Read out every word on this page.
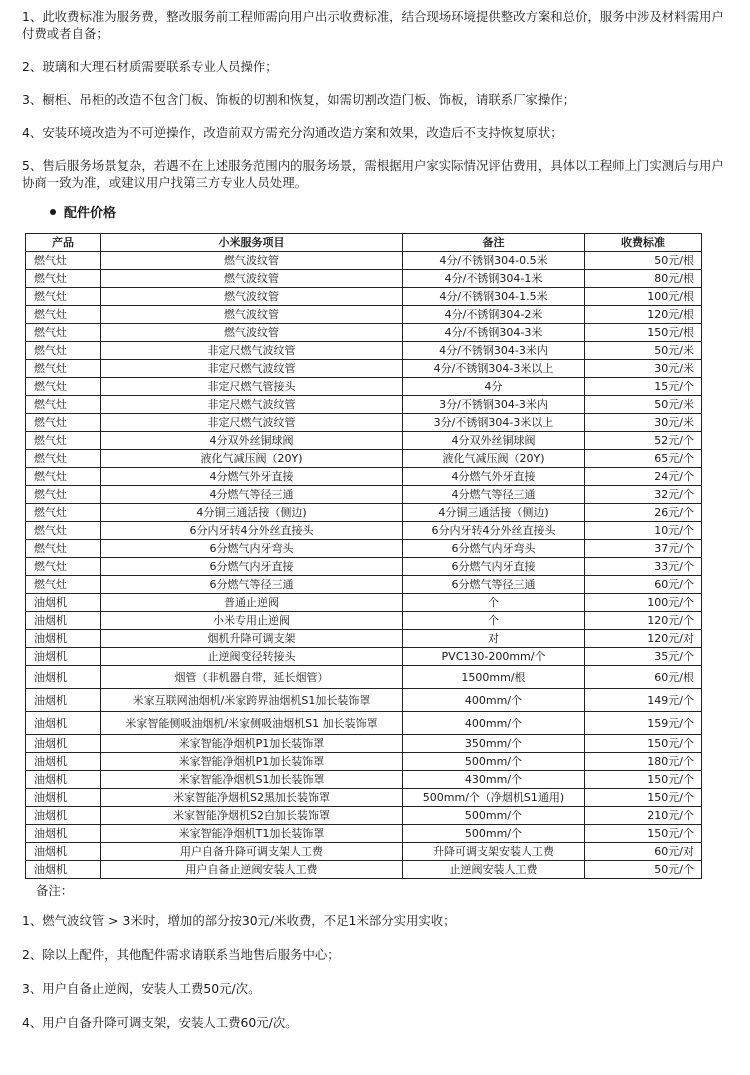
1、此收费标准为服务费，整改服务前工程师需向用户出示收费标准，结合现场环境提供整改方案和总价，服务中涉及材料需用户付费或者自备；

2、玻璃和大理石材质需要联系专业人员操作；

3、橱柜、吊柜的改造不包含门板、饰板的切割和恢复，如需切割改造门板、饰板，请联系厂家操作；

4、安装环境改造为不可逆操作，改造前双方需充分沟通改造方案和效果，改造后不支持恢复原状；

5、售后服务场景复杂，若遇不在上述服务范围内的服务场景，需根据用户家实际情况评估费用，具体以工程师上门实测后与用户协商一致为准，或建议用户找第三方专业人员处理。

配件价格
产品	小米服务项目	备注	收费标准
燃气灶	燃气波纹管	4分/不锈钢304-0.5米	50元/根
燃气灶	燃气波纹管	4分/不锈钢304-1米	80元/根
燃气灶	燃气波纹管	4分/不锈钢304-1.5米	100元/根
燃气灶	燃气波纹管	4分/不锈钢304-2米	120元/根
燃气灶	燃气波纹管	4分/不锈钢304-3米	150元/根
燃气灶	非定尺燃气波纹管	4分/不锈钢304-3米内	50元/米
燃气灶	非定尺燃气波纹管	4分/不锈钢304-3米以上	30元/米
燃气灶	非定尺燃气管接头	4分	15元/个
燃气灶	非定尺燃气波纹管	3分/不锈钢304-3米内	50元/米
燃气灶	非定尺燃气波纹管	3分/不锈钢304-3米以上	30元/米
燃气灶	4分双外丝铜球阀	4分双外丝铜球阀	52元/个
燃气灶	液化气减压阀（20Y)	液化气减压阀（20Y)	65元/个
燃气灶	4分燃气外牙直接	4分燃气外牙直接	24元/个
燃气灶	4分燃气等径三通	4分燃气等径三通	32元/个
燃气灶	4分铜三通活接（侧边)	4分铜三通活接（侧边)	26元/个
燃气灶	6分内牙转4分外丝直接头	6分内牙转4分外丝直接头	10元/个
燃气灶	6分燃气内牙弯头	6分燃气内牙弯头	37元/个
燃气灶	6分燃气内牙直接	6分燃气内牙直接	33元/个
燃气灶	6分燃气等径三通	6分燃气等径三通	60元/个
油烟机	普通止逆阀	个	100元/个
油烟机	小米专用止逆阀	个	120元/个
油烟机	烟机升降可调支架	对	120元/对
油烟机	止逆阀变径转接头	PVC130-200mm/个	35元/个
油烟机	烟管（非机器自带，延长烟管）	1500mm/根	60元/根
油烟机	米家互联网油烟机/米家跨界油烟机S1加长装饰罩	400mm/个	149元/个
油烟机	米家智能侧吸油烟机/米家侧吸油烟机S1 加长装饰罩	400mm/个	159元/个
油烟机	米家智能净烟机P1加长装饰罩	350mm/个	150元/个
油烟机	米家智能净烟机P1加长装饰罩	500mm/个	180元/个
油烟机	米家智能净烟机S1加长装饰罩	430mm/个	150元/个
油烟机	米家智能净烟机S2黑加长装饰罩	500mm/个（净烟机S1通用)	150元/个
油烟机	米家智能净烟机S2白加长装饰罩	500mm/个	210元/个
油烟机	米家智能净烟机T1加长装饰罩	500mm/个	150元/个
油烟机	用户自备升降可调支架人工费	升降可调支架安装人工费	60元/对
油烟机	用户自备止逆阀安装人工费	止逆阀安装人工费	50元/个
备注：

1、燃气波纹管 > 3米时，增加的部分按30元/米收费，不足1米部分实用实收；

2、除以上配件，其他配件需求请联系当地售后服务中心；

3、用户自备止逆阀，安装人工费50元/次。

4、用户自备升降可调支架，安装人工费60元/次。
